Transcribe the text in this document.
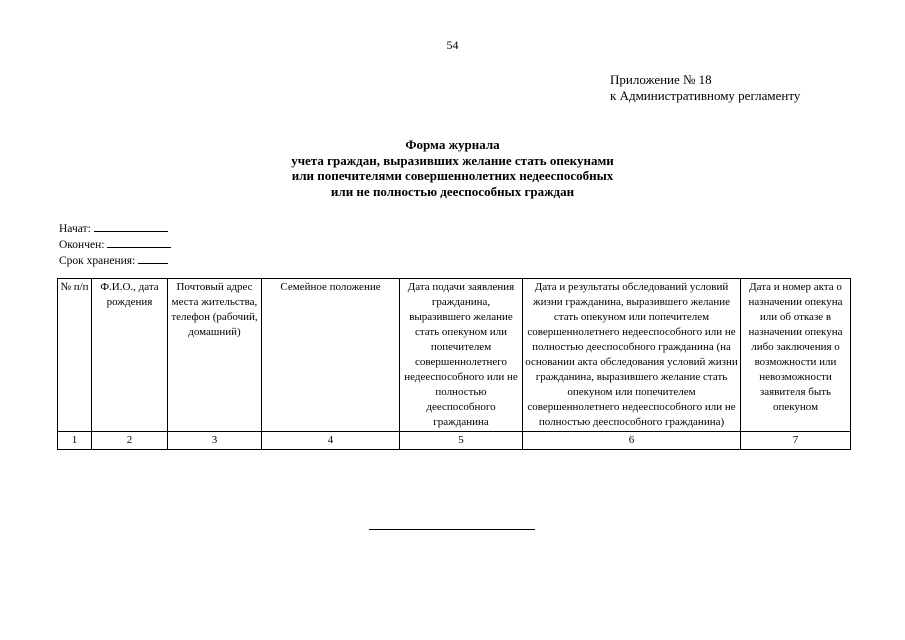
54
Приложение № 18
к Административному регламенту
Форма журнала
учета граждан, выразивших желание стать опекунами
или попечителями совершеннолетних недееспособных
или не полностью дееспособных граждан
Начат:
Окончен:
Срок хранения:
№ п/п	Ф.И.О., дата рождения	Почтовый адрес места жительства, телефон (рабочий, домашний)	Семейное положение	Дата подачи заявления гражданина, выразившего желание стать опекуном или попечителем совершеннолетнего недееспособного или не полностью дееспособного гражданина	Дата и результаты обследований условий жизни гражданина, выразившего желание стать опекуном или попечителем совершеннолетнего недееспособного или не полностью дееспособного гражданина (на основании акта обследования условий жизни гражданина, выразившего желание стать опекуном или попечителем совершеннолетнего недееспособного или не полностью дееспособного гражданина)	Дата и номер акта о назначении опекуна или об отказе в назначении опекуна либо заключения о возможности или невозможности заявителя быть опекуном
1	2	3	4	5	6	7
